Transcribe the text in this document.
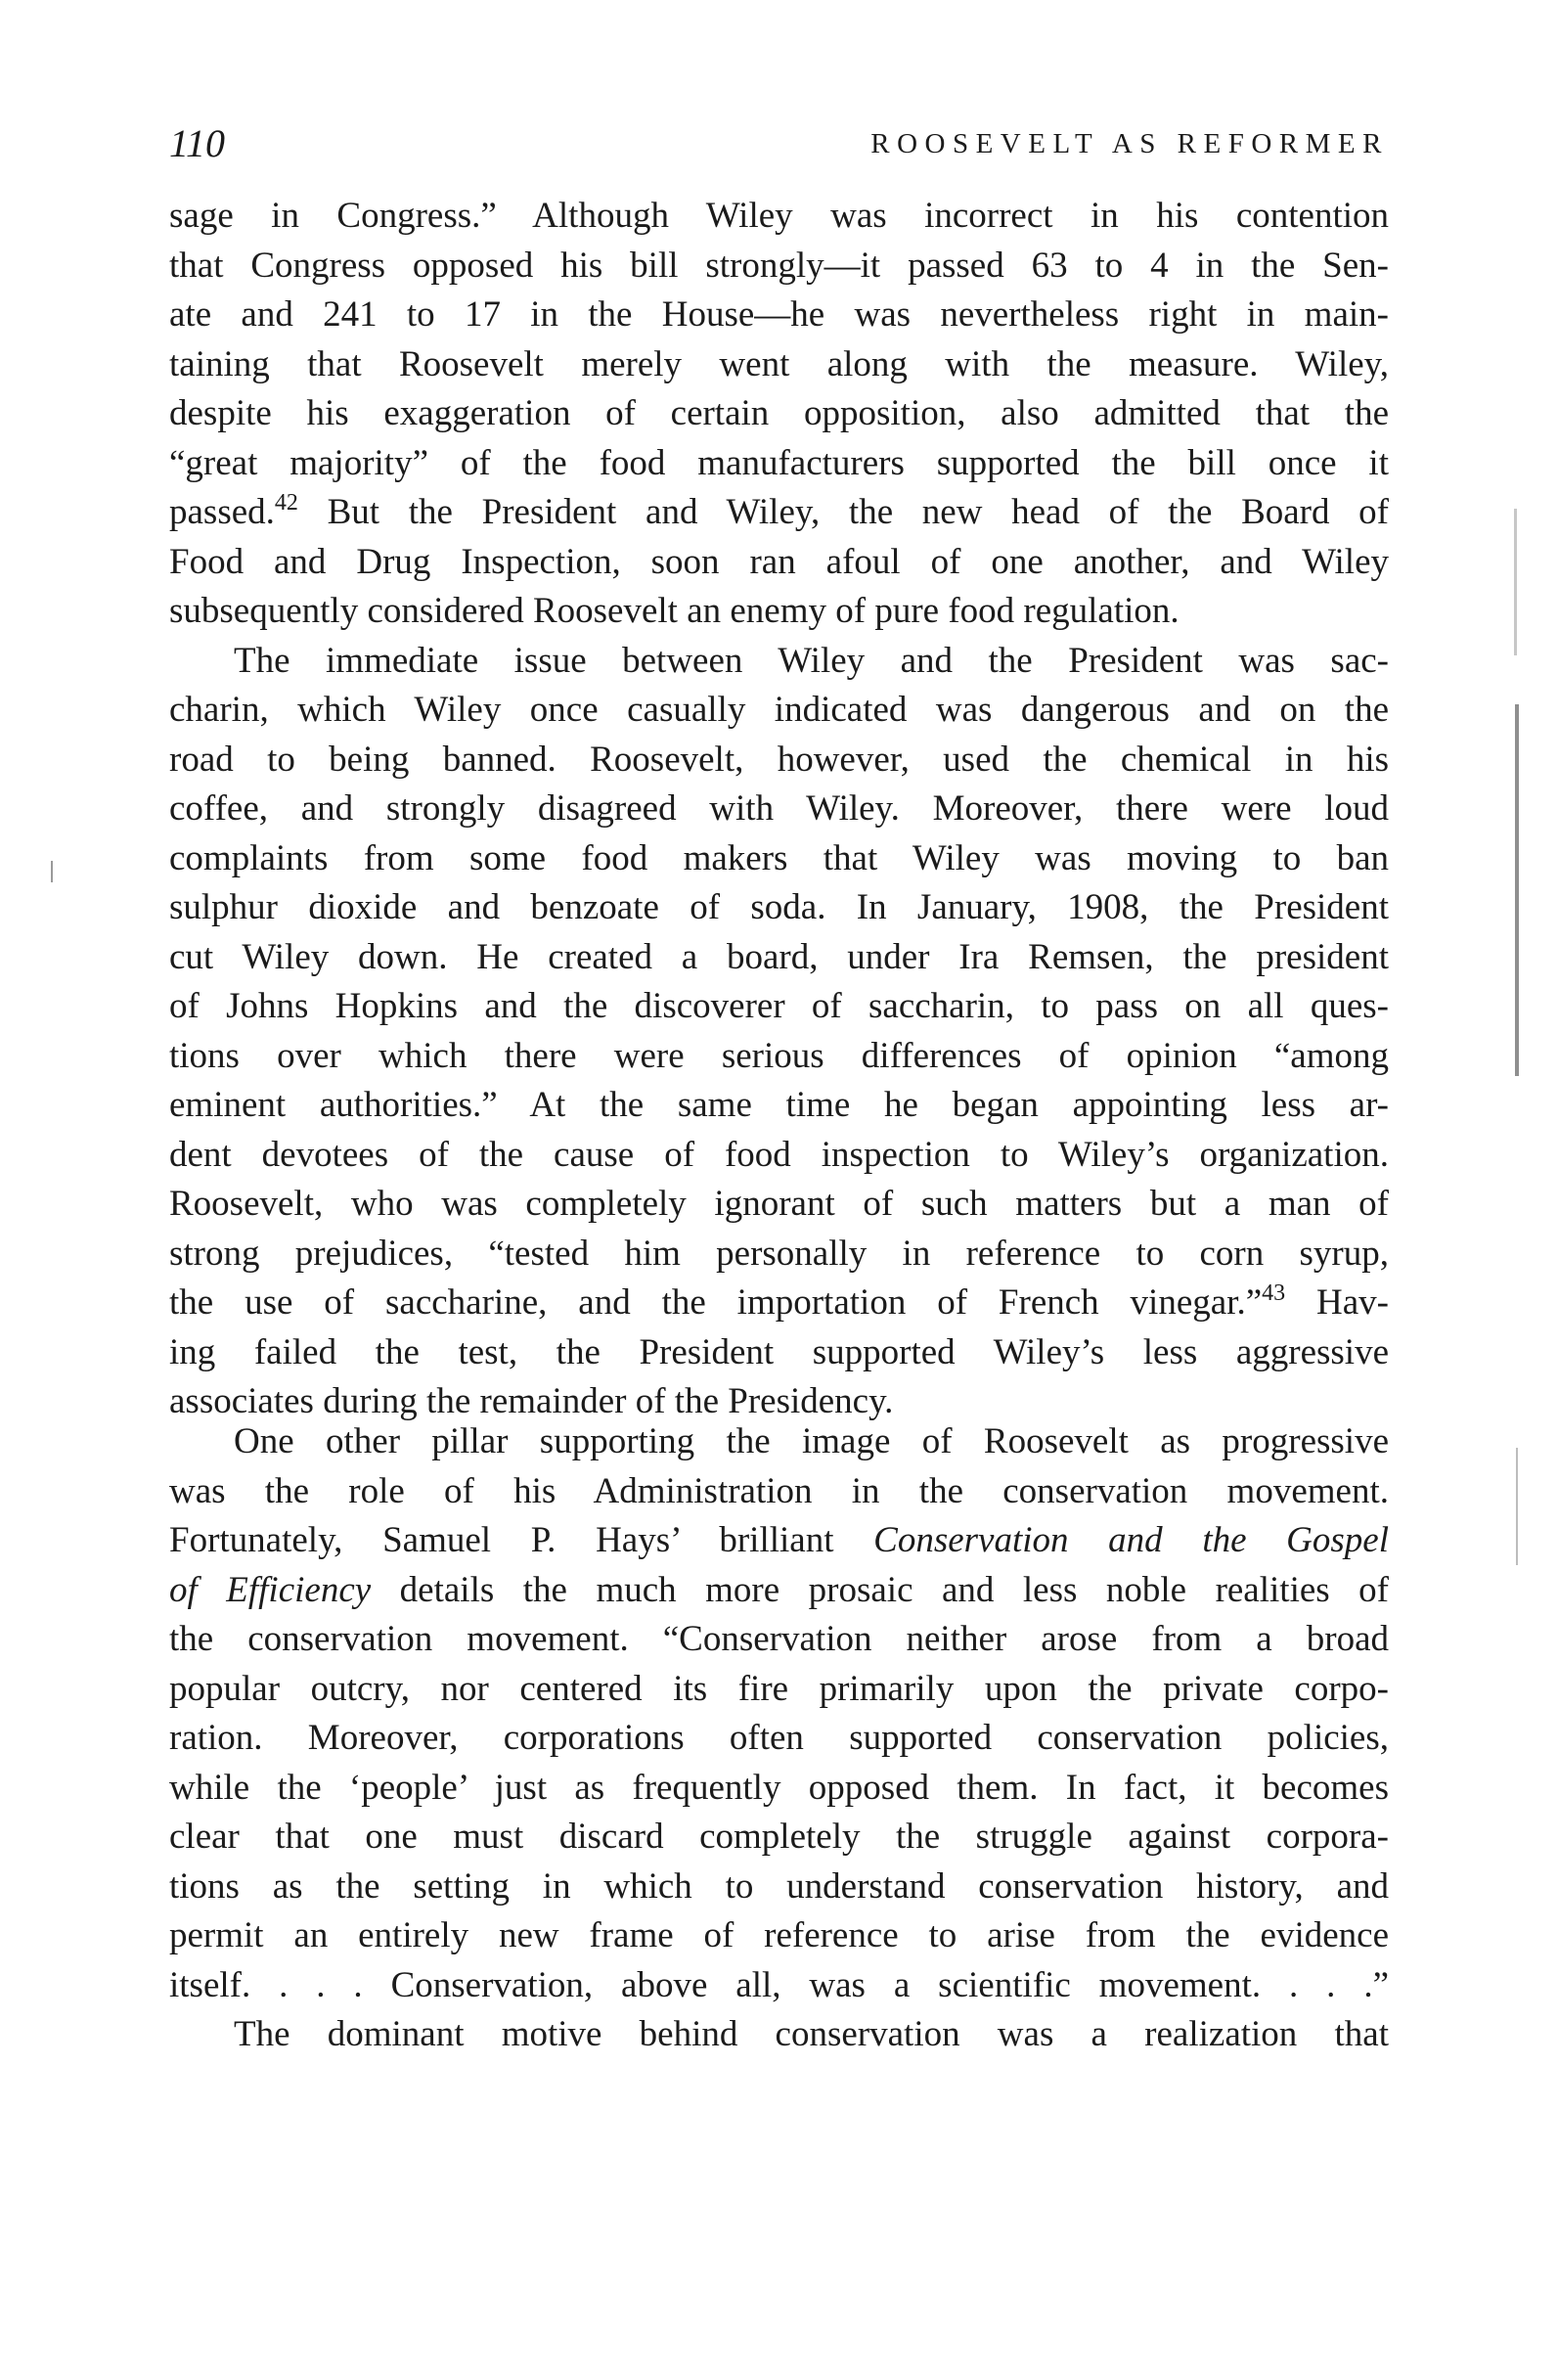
110	ROOSEVELT AS REFORMER
sage in Congress.” Although Wiley was incorrect in his contention
that Congress opposed his bill strongly—it passed 63 to 4 in the Sen-
ate and 241 to 17 in the House—he was nevertheless right in main-
taining that Roosevelt merely went along with the measure. Wiley,
despite his exaggeration of certain opposition, also admitted that the
“great majority” of the food manufacturers supported the bill once it
passed.$^{42}$ But the President and Wiley, the new head of the Board of
Food and Drug Inspection, soon ran afoul of one another, and Wiley
subsequently considered Roosevelt an enemy of pure food regulation.
The immediate issue between Wiley and the President was sac-
charin, which Wiley once casually indicated was dangerous and on the
road to being banned. Roosevelt, however, used the chemical in his
coffee, and strongly disagreed with Wiley. Moreover, there were loud
complaints from some food makers that Wiley was moving to ban
sulphur dioxide and benzoate of soda. In January, 1908, the President
cut Wiley down. He created a board, under Ira Remsen, the president
of Johns Hopkins and the discoverer of saccharin, to pass on all ques-
tions over which there were serious differences of opinion “among
eminent authorities.” At the same time he began appointing less ar-
dent devotees of the cause of food inspection to Wiley’s organization.
Roosevelt, who was completely ignorant of such matters but a man of
strong prejudices, “tested him personally in reference to corn syrup,
the use of saccharine, and the importation of French vinegar.”$^{43}$ Hav-
ing failed the test, the President supported Wiley’s less aggressive
associates during the remainder of the Presidency.
One other pillar supporting the image of Roosevelt as progressive
was the role of his Administration in the conservation movement.
Fortunately, Samuel P. Hays’ brilliant Conservation and the Gospel
of Efficiency details the much more prosaic and less noble realities of
the conservation movement. “Conservation neither arose from a broad
popular outcry, nor centered its fire primarily upon the private corpo-
ration. Moreover, corporations often supported conservation policies,
while the ‘people’ just as frequently opposed them. In fact, it becomes
clear that one must discard completely the struggle against corpora-
tions as the setting in which to understand conservation history, and
permit an entirely new frame of reference to arise from the evidence
itself. . . . Conservation, above all, was a scientific movement. . . .”
The dominant motive behind conservation was a realization that
